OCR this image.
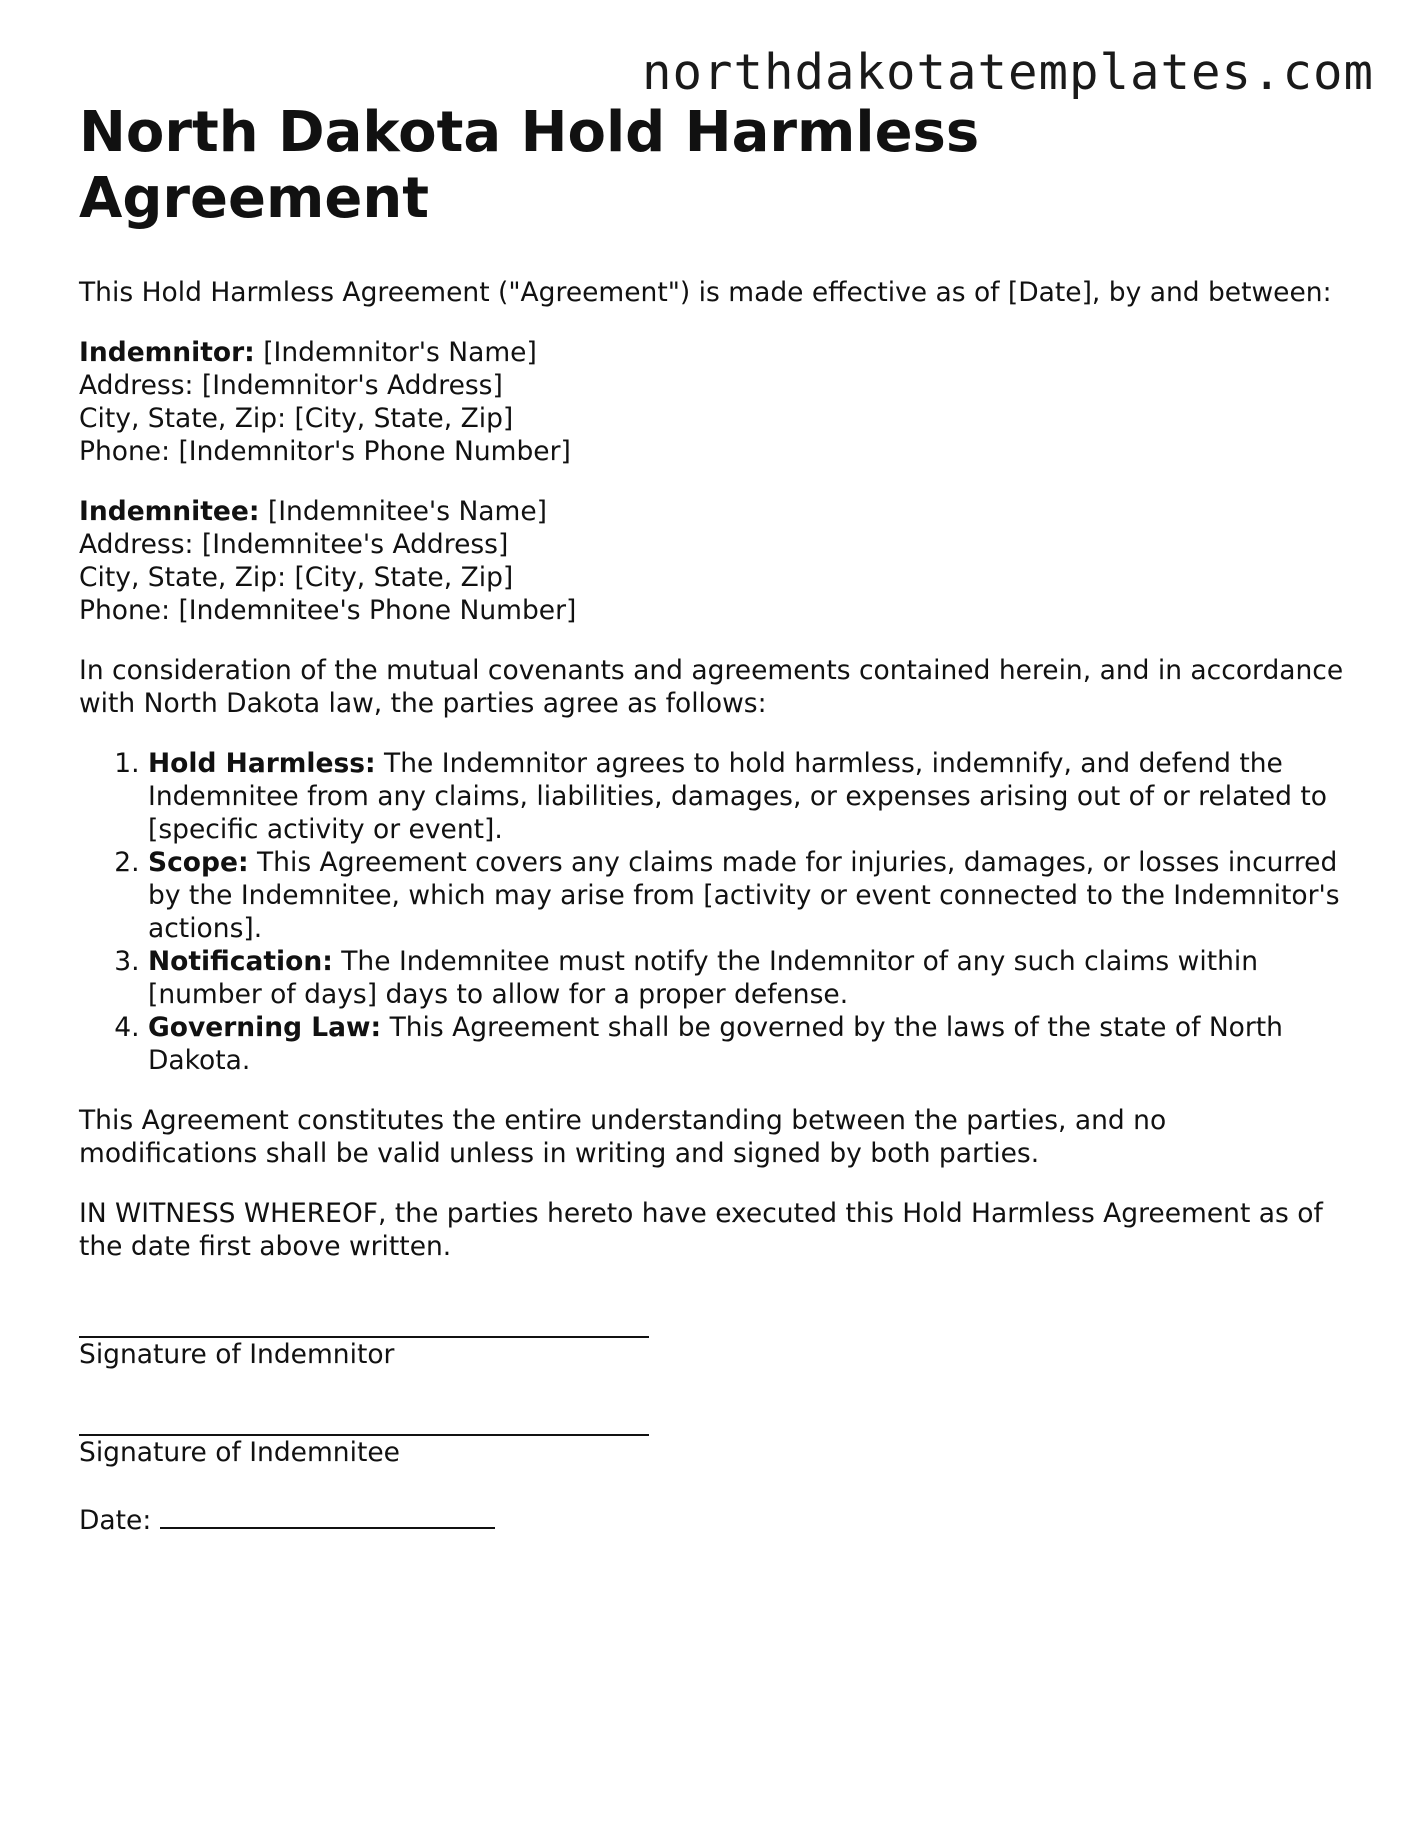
northdakotatemplates.com
North Dakota Hold Harmless Agreement

This Hold Harmless Agreement ("Agreement") is made effective as of [Date], by and between:

Indemnitor: [Indemnitor's Name]
Address: [Indemnitor's Address]
City, State, Zip: [City, State, Zip]
Phone: [Indemnitor's Phone Number]
Indemnitee: [Indemnitee's Name]
Address: [Indemnitee's Address]
City, State, Zip: [City, State, Zip]
Phone: [Indemnitee's Phone Number]

In consideration of the mutual covenants and agreements contained herein, and in accordance with North Dakota law, the parties agree as follows:

1. Hold Harmless: The Indemnitor agrees to hold harmless, indemnify, and defend the Indemnitee from any claims, liabilities, damages, or expenses arising out of or related to [specific activity or event].
2. Scope: This Agreement covers any claims made for injuries, damages, or losses incurred by the Indemnitee, which may arise from [activity or event connected to the Indemnitor's actions].
3. Notification: The Indemnitee must notify the Indemnitor of any such claims within [number of days] days to allow for a proper defense.
4. Governing Law: This Agreement shall be governed by the laws of the state of North Dakota.

This Agreement constitutes the entire understanding between the parties, and no modifications shall be valid unless in writing and signed by both parties.

IN WITNESS WHEREOF, the parties hereto have executed this Hold Harmless Agreement as of the date first above written.

Signature of Indemnitor
Signature of Indemnitee
Date:
